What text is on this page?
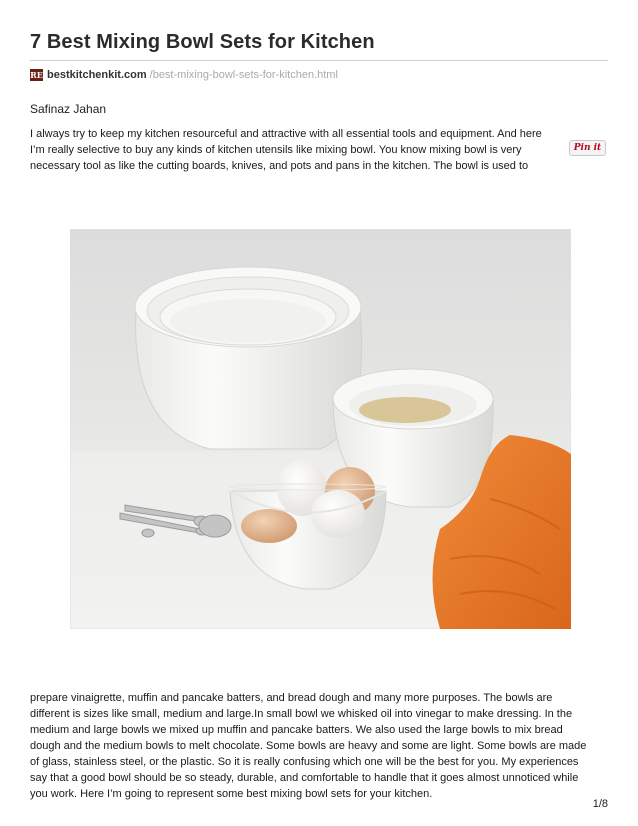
7 Best Mixing Bowl Sets for Kitchen
RE bestkitchenkit.com /best-mixing-bowl-sets-for-kitchen.html
Safinaz Jahan
I always try to keep my kitchen resourceful and attractive with all essential tools and equipment. And here
I’m really selective to buy any kinds of kitchen utensils like mixing bowl. You know mixing bowl is very
necessary tool as like the cutting boards, knives, and pots and pans in the kitchen. The bowl is used to
Pin it
prepare vinaigrette, muffin and pancake batters, and bread dough and many more purposes. The bowls are
different is sizes like small, medium and large.In small bowl we whisked oil into vinegar to make dressing. In the
medium and large bowls we mixed up muffin and pancake batters. We also used the large bowls to mix bread
dough and the medium bowls to melt chocolate. Some bowls are heavy and some are light. Some bowls are made
of glass, stainless steel, or the plastic. So it is really confusing which one will be the best for you. My experiences
say that a good bowl should be so steady, durable, and comfortable to handle that it goes almost unnoticed while
you work. Here I’m going to represent some best mixing bowl sets for your kitchen.
1/8
